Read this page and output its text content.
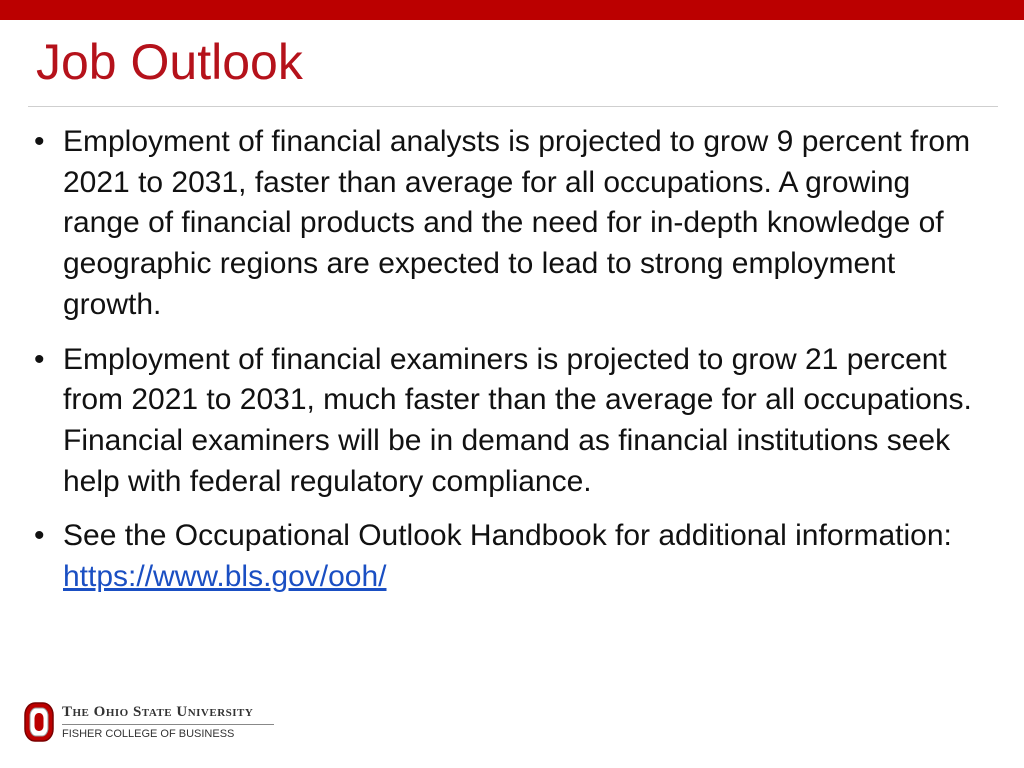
Job Outlook
• Employment of financial analysts is projected to grow 9 percent from 2021 to 2031, faster than average for all occupations. A growing range of financial products and the need for in-depth knowledge of geographic regions are expected to lead to strong employment growth.
• Employment of financial examiners is projected to grow 21 percent from 2021 to 2031, much faster than the average for all occupations. Financial examiners will be in demand as financial institutions seek help with federal regulatory compliance.
• See the Occupational Outlook Handbook for additional information: https://www.bls.gov/ooh/
The Ohio State University
FISHER COLLEGE OF BUSINESS
